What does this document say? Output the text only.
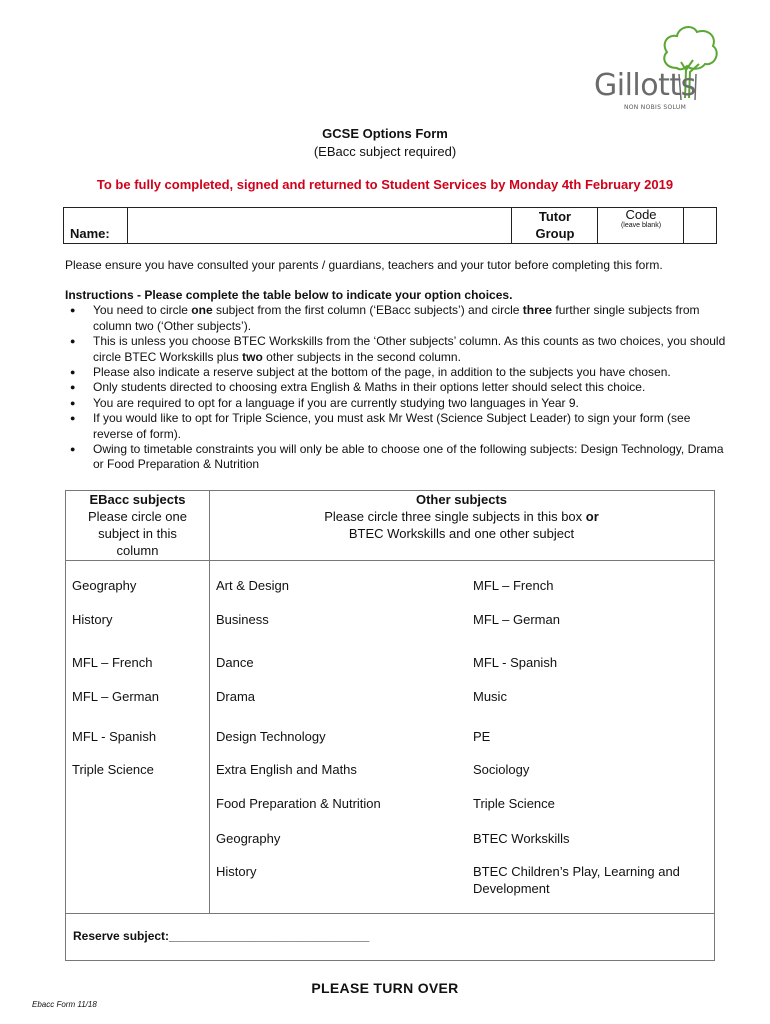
Gillotts
NON NOBIS SOLUM
GCSE Options Form
(EBacc subject required)
To be fully completed, signed and returned to Student Services by Monday 4th February 2019
Name:
Tutor
Group
Code
(leave blank)
Please ensure you have consulted your parents / guardians, teachers and your tutor before completing this form.
Instructions - Please complete the table below to indicate your option choices.
● You need to circle one subject from the first column (‘EBacc subjects’) and circle three further single subjects from column two (‘Other subjects’).
● This is unless you choose BTEC Workskills from the ‘Other subjects’ column. As this counts as two choices, you should circle BTEC Workskills plus two other subjects in the second column.
● Please also indicate a reserve subject at the bottom of the page, in addition to the subjects you have chosen.
● Only students directed to choosing extra English & Maths in their options letter should select this choice.
● You are required to opt for a language if you are currently studying two languages in Year 9.
● If you would like to opt for Triple Science, you must ask Mr West (Science Subject Leader) to sign your form (see reverse of form).
● Owing to timetable constraints you will only be able to choose one of the following subjects: Design Technology, Drama or Food Preparation & Nutrition
EBacc subjects
Please circle one
subject in this
column
Other subjects
Please circle three single subjects in this box or
BTEC Workskills and one other subject
Geography
History
MFL – French
MFL – German
MFL - Spanish
Triple Science
Art & Design
Business
Dance
Drama
Design Technology
Extra English and Maths
Food Preparation & Nutrition
Geography
History
MFL – French
MFL – German
MFL - Spanish
Music
PE
Sociology
Triple Science
BTEC Workskills
BTEC Children’s Play, Learning and Development
Reserve subject:______________________________
PLEASE TURN OVER
Ebacc Form 11/18
